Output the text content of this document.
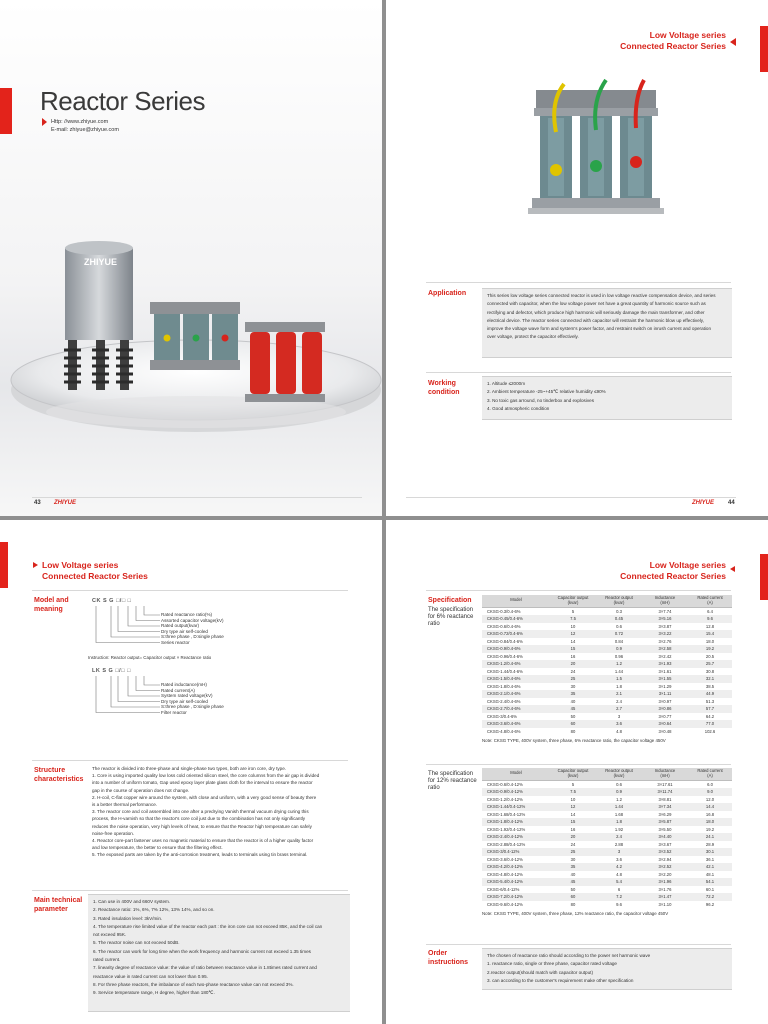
Reactor Series
Http: //www.zhiyue.com
E-mail: zhiyue@zhiyue.com
ZHIYUE
43 ZHIYUE
Low Voltage series
Connected Reactor Series
Application	This series low voltage series connected reactor is used in low voltage reactive compensation device, and series
connected with capacitor, when the low voltage power net have a great quantity of harmonic source such as
rectifying and defector, which produce high harmonic will seriously damage the main transformer, and other
electrical device. The reactor series connected with capacitor will restraint the harmonic blow up effectively,
improve the voltage wave form and system's power factor, and restraint switch on inrush current and operation
over voltage, protect the capacitor effectively.
Working
condition
1. Altitude ≤2000m
2. Ambient temperature -25~+45℃ relative humidity ≤90%
3. No toxic gas arround, no tinderbox and explosives
4. Good atmospheric condition
ZHIYUE 44
Low Voltage series
Connected Reactor Series
Model and
meaning
CK S G □/□ □
Rated reactance ratio(%)
Assorted capacitor voltage(kV)
Rated output(kvar)
Dry type air self-cooled
S:three phase , D:single phase
Series reactor
Instruction: Reactor output= Capacitor output × Reactance ratio
LK S G □/□ □
Rated inductance(mH)
Rated current(A)
System rated voltage(kV)
Dry type air self-cooled
S:three phase , D:single phase
Filter reactor
Structure
characteristics
The reactor is divided into three-phase and single-phase two types, both are iron core, dry type.
1. Core is using imported quality low loss cold oriented silicon steel, the core columns from the air gap is divided
into a number of uniform tomato, Gap used epoxy layer plate glass cloth for the interval to ensure the reactor
gap in the course of operation does not change.
2. H-coil, C-flat copper wire around the system, with close and uniform, with a very good sense of beauty there
is a better thermal performance.
3. The reactor core and coil assembled into one after a predrying Vanish thermal vacuum drying curing this
process, the H-varnish so that the reactor's core coil just due to the combination has not only significantly
reduces the noise operation, very high levels of heat, to ensure that the Reactor high temperature can safely
noise-free operation.
4. Reactor core-part fastener uses no magnetic material to ensure that the reactor is of a higher quality factor
and low temperature, the better to ensure that the filtering effect.
5. The exposed parts are taken by the anti-corrosion treatment, leads to terminals using tin brass terminal.
Main technical
parameter
1. Can use in 400V and 660V system.
2. Reactance ratio: 1%, 6%, 7% 12%, 13% 14%, and so on.
3. Rated insulation level: 3kV/min.
4. The temperature rise limited value of the reactor each part : the iron core can not exceed 85K, and the coil can
not exceed 95K.
5. The reactor noise can not exceed 50dB.
6. The reactor can work for long time when the work frequency and harmonic current not exceed 1.35 times
rated current.
7. linearity degree of reactance value: the value of ratio between reactance value in 1.8times rated current and
reactance value in rated current can not lower than 0.95.
8. For three phase reactors, the imbalance of each two-phase reactance value can not exceed 3%.
9. Service temperature range, H degree, higher than 180℃.
Low Voltage series
Connected Reactor Series
Specification
The specification
for 6% reactance
ratio
Model	Capacitor output
(kvar)	Reactor output
(kvar)	Inductance
(mH)	Rated current
(A)
CKSG-0.3/0.4-6%	5	0.3	3×7.74	6.4
CKSG-0.45/0.4-6%	7.5	0.45	3×5.16	9.6
CKSG-0.6/0.4-6%	10	0.6	3×3.87	12.8
CKSG-0.72/0.4-6%	12	0.72	3×3.22	15.4
CKSG-0.84/0.4-6%	14	0.84	3×2.76	18.0
CKSG-0.9/0.4-6%	15	0.9	3×2.58	19.2
CKSG-0.96/0.4-6%	16	0.96	3×2.42	20.5
CKSG-1.2/0.4-6%	20	1.2	3×1.93	25.7
CKSG-1.44/0.4-6%	24	1.44	3×1.61	30.8
CKSG-1.5/0.4-6%	25	1.5	3×1.55	32.1
CKSG-1.8/0.4-6%	30	1.8	3×1.29	38.5
CKSG-2.1/0.4-6%	35	2.1	3×1.11	44.9
CKSG-2.4/0.4-6%	40	2.4	3×0.97	51.3
CKSG-2.7/0.4-6%	45	2.7	3×0.86	57.7
CKSG-3/0.4-6%	50	3	3×0.77	64.2
CKSG-3.6/0.4-6%	60	3.6	3×0.64	77.0
CKSG-4.8/0.4-6%	80	4.8	3×0.48	102.6
Note: CKSG TYPE, 400V system, three phase, 6% reactance ratio, the capacitor voltage 450V
The specification
for 12% reactance
ratio
Model	Capacitor output
(kvar)	Reactor output
(kvar)	Inductance
(mH)	Rated current
(A)
CKSG-0.6/0.4-12%	5	0.6	3×17.61	6.0
CKSG-0.9/0.4-12%	7.5	0.9	3×11.74	9.0
CKSG-1.2/0.4-12%	10	1.2	3×8.81	12.0
CKSG-1.44/0.4-12%	12	1.44	3×7.34	14.4
CKSG-1.68/0.4-12%	14	1.68	3×6.29	16.8
CKSG-1.8/0.4-12%	15	1.8	3×5.87	18.0
CKSG-1.92/0.4-12%	16	1.92	3×5.50	19.2
CKSG-2.4/0.4-12%	20	2.4	3×4.40	24.1
CKSG-2.88/0.4-12%	24	2.88	3×3.67	28.9
CKSG-3/0.4-12%	25	3	3×3.52	30.1
CKSG-3.6/0.4-12%	30	3.6	3×2.94	36.1
CKSG-4.2/0.4-12%	35	4.2	3×2.52	42.1
CKSG-4.8/0.4-12%	40	4.8	3×2.20	48.1
CKSG-5.4/0.4-12%	45	5.4	3×1.96	54.1
CKSG-6/0.4-12%	50	6	3×1.76	60.1
CKSG-7.2/0.4-12%	60	7.2	3×1.47	72.2
CKSG-9.6/0.4-12%	80	9.6	3×1.10	96.2
Note: CKSG TYPE, 400V system, three phase, 12% reactance ratio, the capacitor voltage 450V
Order
instructions
The chosen of reactance ratio should according to the power net harmonic wave
1. reactance ratio, single or three phase, capacitor rated voltage
2.reactor output(should match with capacitor output)
3. can according to the customer's requirement make other specification
